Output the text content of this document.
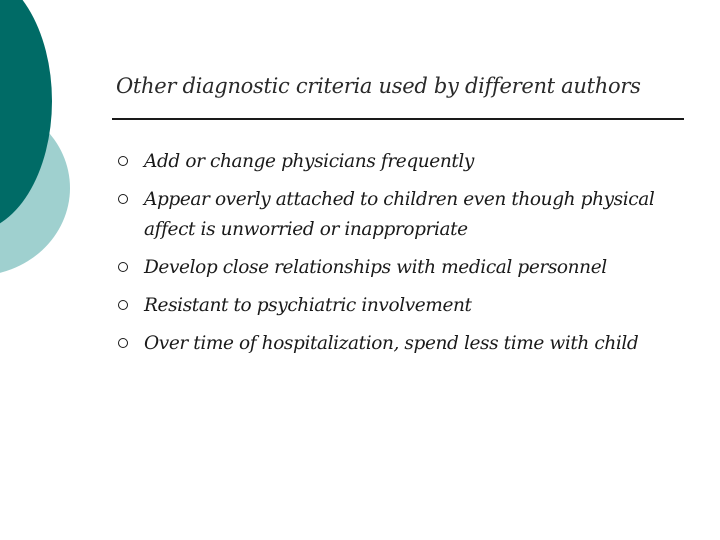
Other diagnostic criteria used by different authors
Add or change physicians frequently
Appear overly attached to children even though physical affect is unworried or inappropriate
Develop close relationships with medical personnel
Resistant to psychiatric involvement
Over time of hospitalization, spend less time with child
